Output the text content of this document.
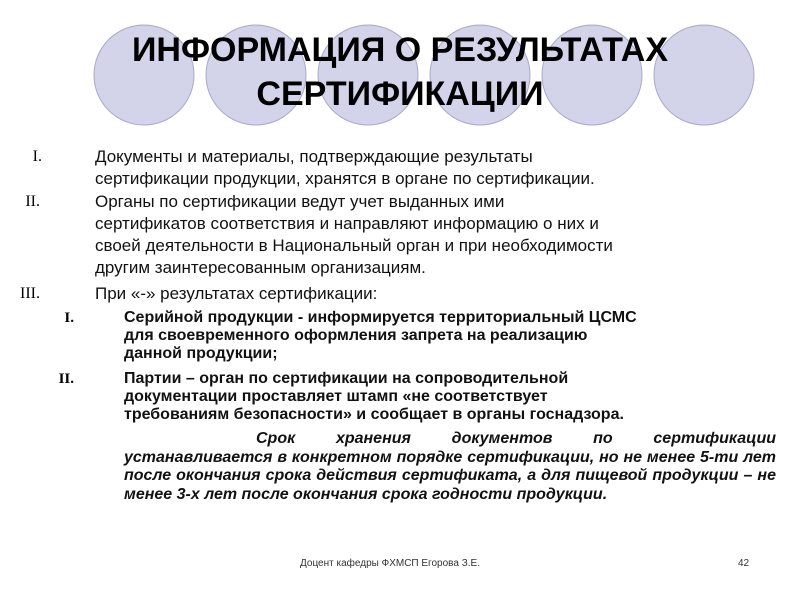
ИНФОРМАЦИЯ О РЕЗУЛЬТАТАХ
СЕРТИФИКАЦИИ
I.	Документы и материалы, подтверждающие результаты
сертификации продукции, хранятся в органе по сертификации.
II.	Органы по сертификации ведут учет выданных ими
сертификатов соответствия и направляют информацию о них и
своей деятельности в Национальный орган и при необходимости
другим заинтересованным организациям.
III.	При «-» результатах сертификации:
I.	Серийной продукции - информируется территориальный ЦСМС
для своевременного оформления запрета на реализацию
данной продукции;
II.	Партии – орган по сертификации на сопроводительной
документации проставляет штамп «не соответствует
требованиям безопасности» и сообщает в органы госнадзора.
Срок хранения документов по сертификации устанавливается в конкретном порядке сертификации, но не менее 5-ти лет после окончания срока действия сертификата, а для пищевой продукции – не менее 3-х лет после окончания срока годности продукции.
Доцент кафедры ФХМСП Егорова З.Е.	42
